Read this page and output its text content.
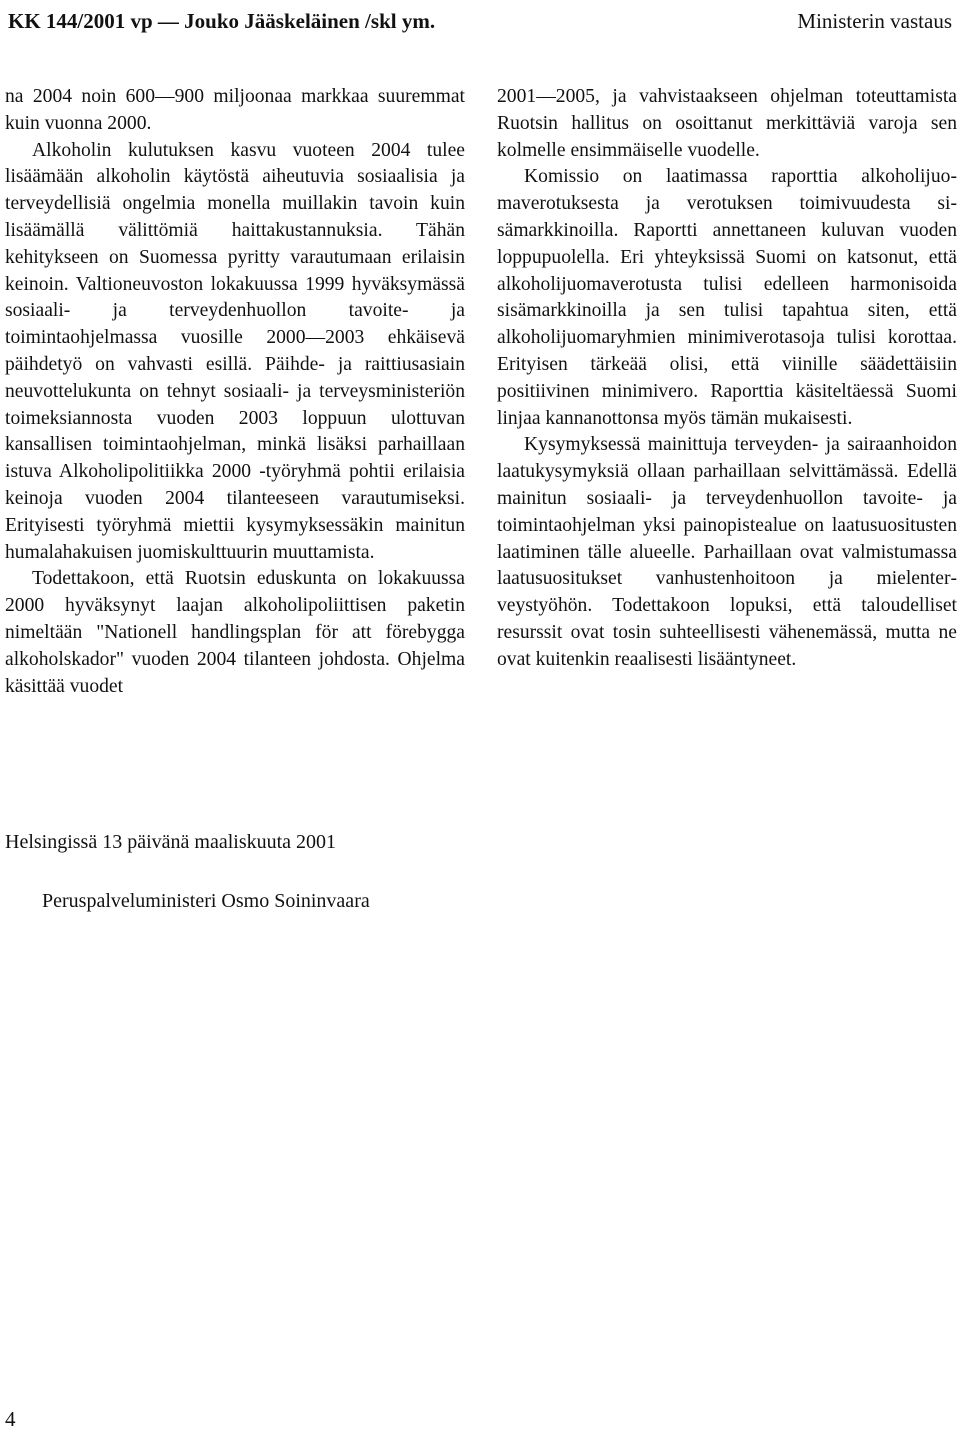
KK 144/2001 vp — Jouko Jääskeläinen /skl ym.	Ministerin vastaus

na 2004 noin 600—900 miljoonaa markkaa suuremmat kuin vuonna 2000.

Alkoholin kulutuksen kasvu vuoteen 2004 tulee lisäämään alkoholin käytöstä aiheutuvia sosiaalisia ja terveydellisiä ongelmia monella muillakin tavoin kuin lisäämällä välittömiä haittakustannuksia. Tähän kehitykseen on Suomessa pyritty varautumaan erilaisin keinoin. Valtioneuvoston lokakuussa 1999 hyväksymässä sosiaali- ja terveydenhuollon tavoite- ja toimintaohjelmassa vuosille 2000—2003 ehkäisevä päihdetyö on vahvasti esillä. Päihde- ja raittiusasiain neuvottelukunta on tehnyt sosiaali- ja terveysministeriön toimeksiannosta vuoden 2003 loppuun ulottuvan kansallisen toimintaohjelman, minkä lisäksi parhaillaan istuva Alkoholipolitiikka 2000 -työryhmä pohtii erilaisia keinoja vuoden 2004 tilanteeseen varautumiseksi. Erityisesti työryhmä miettii kysymyksessäkin mainitun humalahakuisen juomiskulttuurin muuttamista.

Todettakoon, että Ruotsin eduskunta on lokakuussa 2000 hyväksynyt laajan alkoholipoliittisen paketin nimeltään "Nationell handlingsplan för att förebygga alkoholskador" vuoden 2004 tilanteen johdosta. Ohjelma käsittää vuodet

2001—2005, ja vahvistaakseen ohjelman toteuttamista Ruotsin hallitus on osoittanut merkittäviä varoja sen kolmelle ensimmäiselle vuodelle.

Komissio on laatimassa raporttia alkoholijuomaverotuksesta ja verotuksen toimivuudesta sisämarkkinoilla. Raportti annettaneen kuluvan vuoden loppupuolella. Eri yhteyksissä Suomi on katsonut, että alkoholijuomaverotusta tulisi edelleen harmonisoida sisämarkkinoilla ja sen tulisi tapahtua siten, että alkoholijuomaryhmien minimiverotasoja tulisi korottaa. Erityisen tärkeää olisi, että viinille säädettäisiin positiivinen minimivero. Raporttia käsiteltäessä Suomi linjaa kannanottonsa myös tämän mukaisesti.

Kysymyksessä mainittuja terveyden- ja sairaanhoidon laatukysymyksiä ollaan parhaillaan selvittämässä. Edellä mainitun sosiaali- ja terveydenhuollon tavoite- ja toimintaohjelman yksi painopistealue on laatusuositusten laatiminen tälle alueelle. Parhaillaan ovat valmistumassa laatusuositukset vanhustenhoitoon ja mielenterveystyöhön. Todettakoon lopuksi, että taloudelliset resurssit ovat tosin suhteellisesti vähenemässä, mutta ne ovat kuitenkin reaalisesti lisääntyneet.

Helsingissä 13 päivänä maaliskuuta 2001
Peruspalveluministeri Osmo Soininvaara
4
